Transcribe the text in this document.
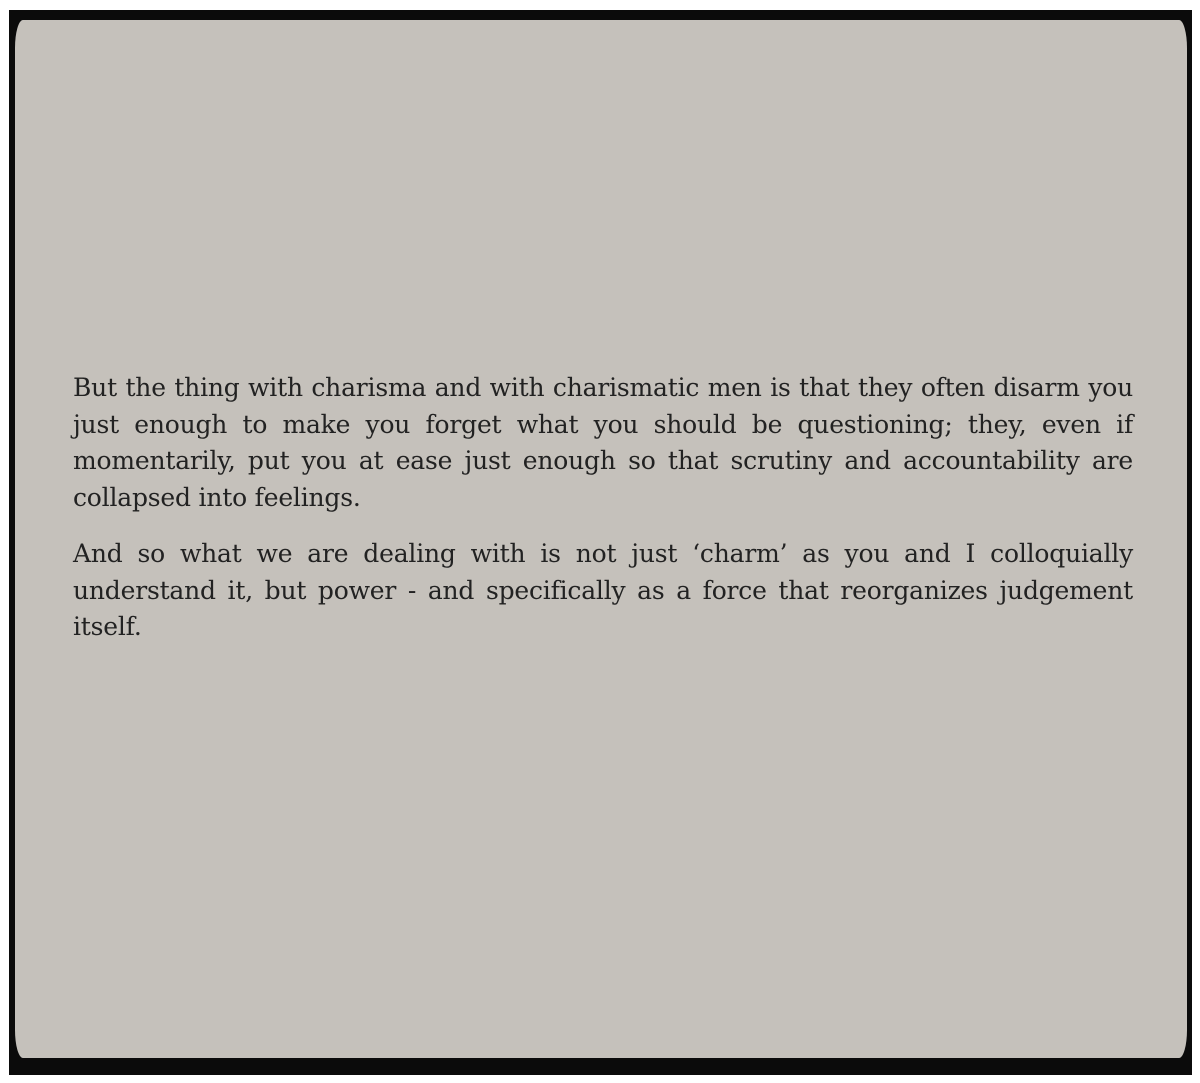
But the thing with charisma and with charismatic men is that they often disarm you just enough to make you forget what you should be questioning; they, even if momentarily, put you at ease just enough so that scrutiny and accountability are collapsed into feelings.

And so what we are dealing with is not just ‘charm’ as you and I colloquially understand it, but power - and specifically as a force that reorganizes judgement itself.
